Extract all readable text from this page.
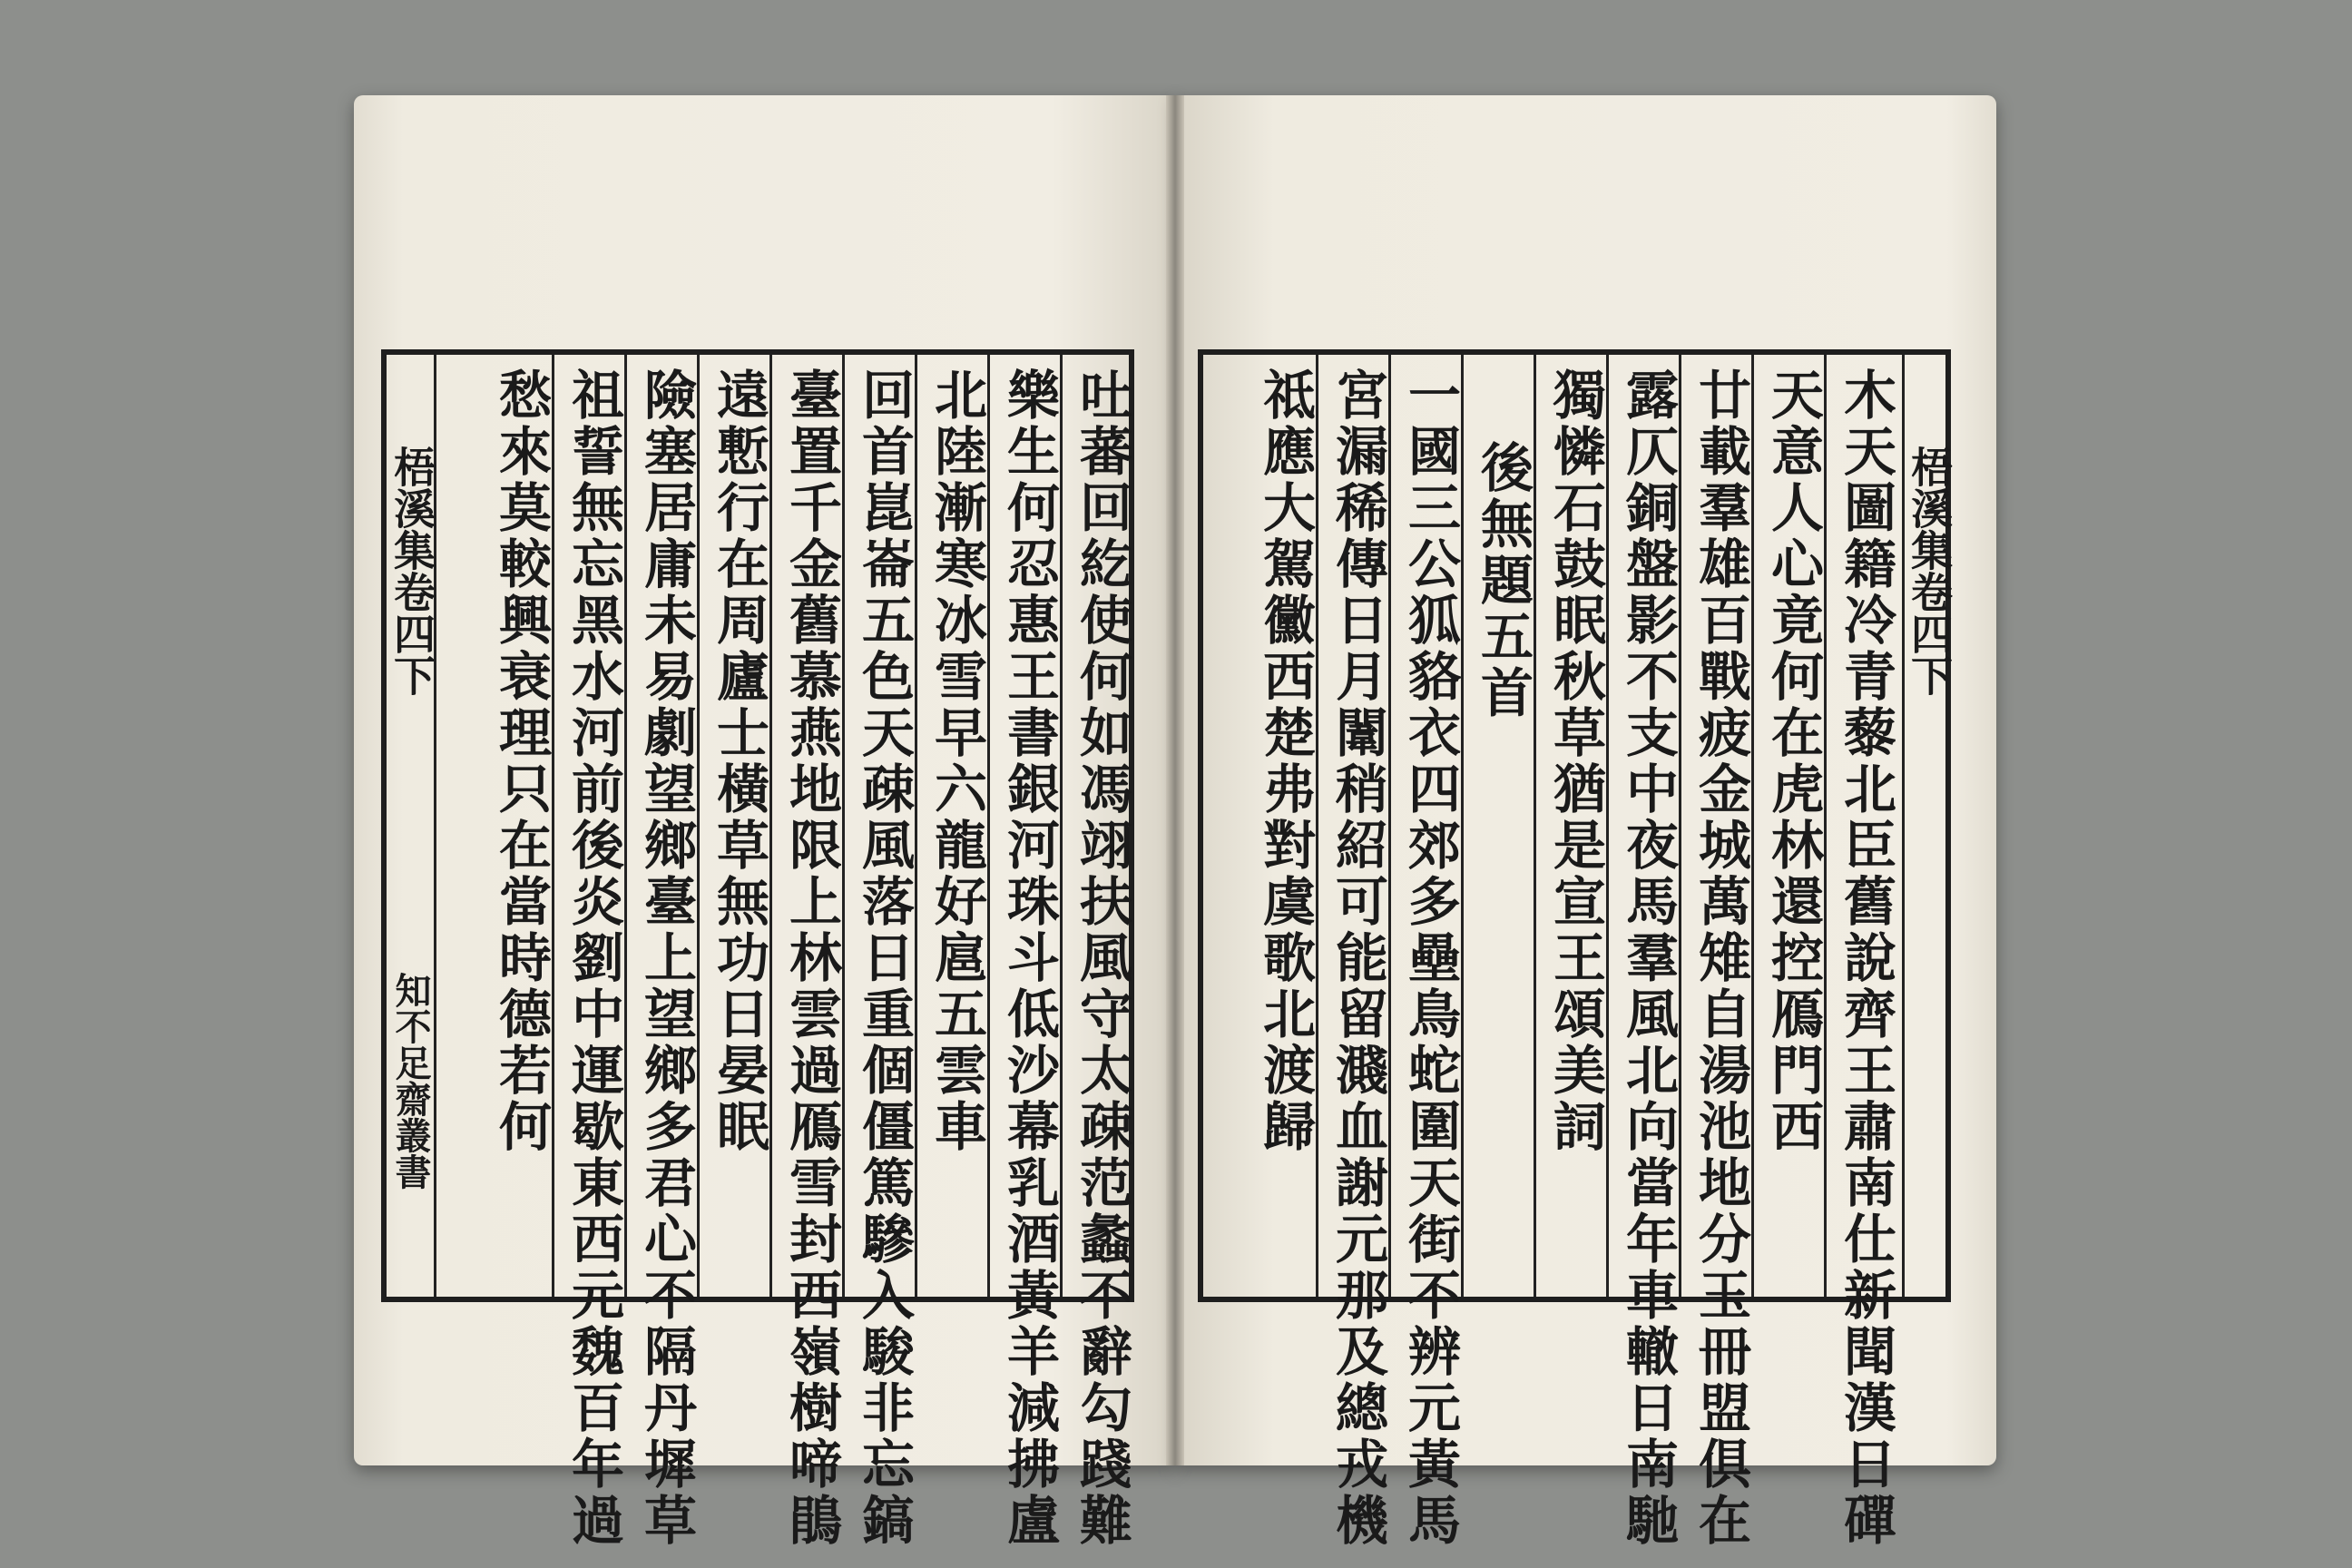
吐蕃回紇使何如馮翊扶風守太疎范蠡不辭勾踐難
樂生何忍惠王書銀河珠斗低沙幕乳酒黃羊減拂盧
北陸漸寒冰雪早六龍好扈五雲車
回首崑崙五色天疎風落日重個僵篤驂入駿非忘鎬
臺置千金舊慕燕地限上林雲過鴈雪封西嶺樹啼鵑
遠慙行在周廬士橫草無功日晏眠
險塞居庸未易劇望鄉臺上望鄉多君心不隔丹墀草
祖誓無忘黑水河前後炎劉中運歇東西元魏百年過
愁來莫較興衰理只在當時德若何
梧溪集卷四下
知不足齋叢書
梧溪集卷四下
木天圖籍冷青藜北臣舊說齊王肅南仕新聞漢日磾
天意人心竟何在虎林還控鴈門西
廿載羣雄百戰疲金城萬雉自湯池地分玉冊盟俱在
露仄銅盤影不支中夜馬羣風北向當年車轍日南馳
獨憐石鼓眠秋草猶是宣王頌美詞
後無題五首
一國三公狐貉衣四郊多壘鳥蛇圍天街不辨元黃馬
宮漏稀傳日月闈稍紹可能留濺血謝元那及總戎機
祗應大駕黴西楚弗對虞歌北渡歸
